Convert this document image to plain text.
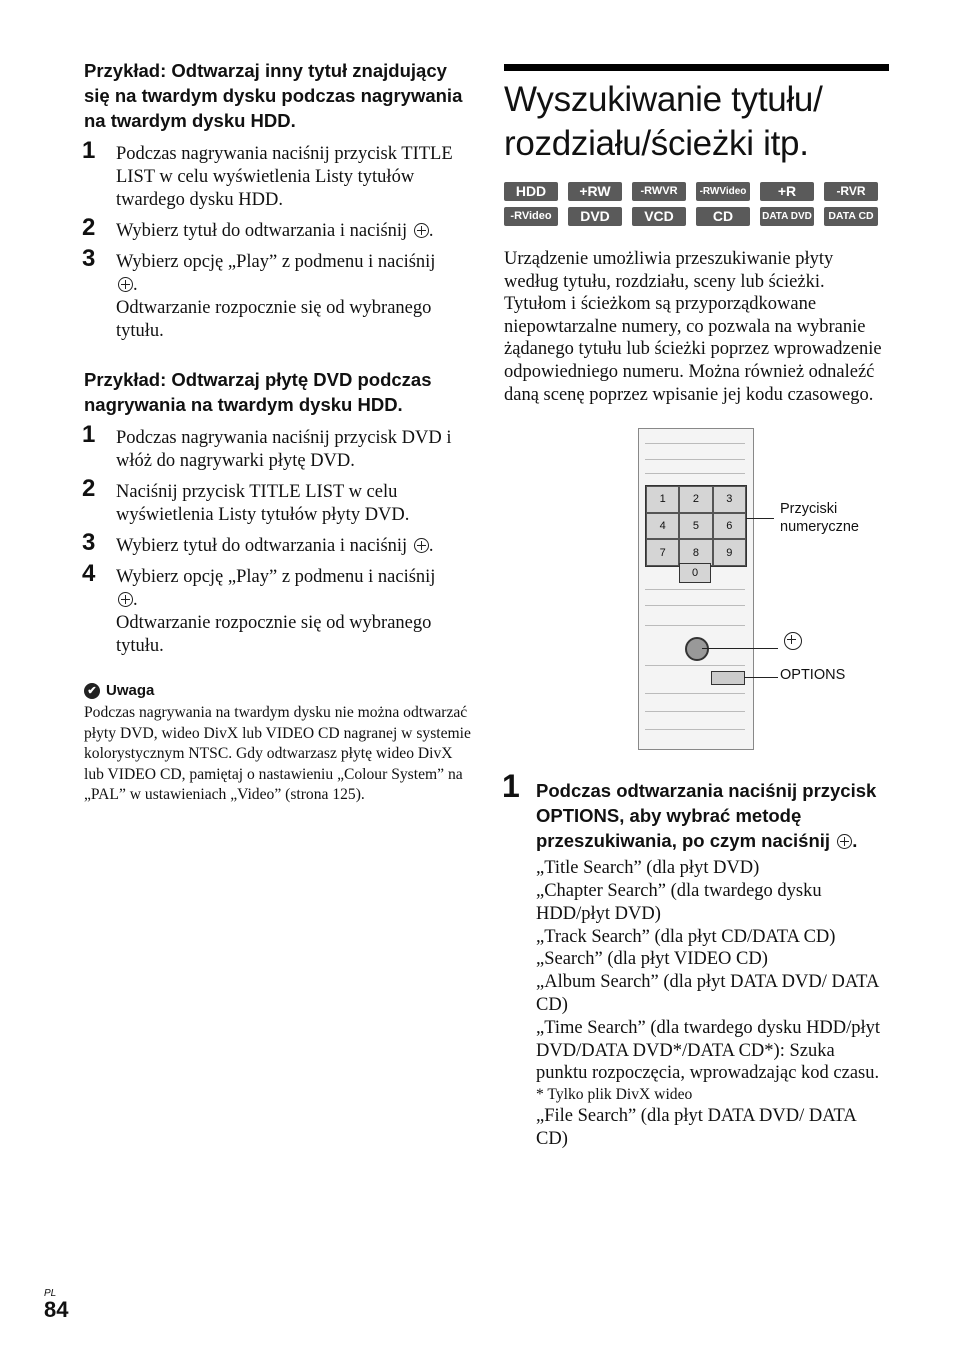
Przykład: Odtwarzaj inny tytuł znajdujący się na twardym dysku podczas nagrywania na twardym dysku HDD.
1 Podczas nagrywania naciśnij przycisk TITLE LIST w celu wyświetlenia Listy tytułów twardego dysku HDD.
2 Wybierz tytuł do odtwarzania i naciśnij .
3 Wybierz opcję „Play” z podmenu i naciśnij
.
Odtwarzanie rozpocznie się od wybranego tytułu.
Przykład: Odtwarzaj płytę DVD podczas nagrywania na twardym dysku HDD.
1 Podczas nagrywania naciśnij przycisk DVD i włóż do nagrywarki płytę DVD.
2 Naciśnij przycisk TITLE LIST w celu wyświetlenia Listy tytułów płyty DVD.
3 Wybierz tytuł do odtwarzania i naciśnij .
4 Wybierz opcję „Play” z podmenu i naciśnij
.
Odtwarzanie rozpocznie się od wybranego tytułu.
✔ Uwaga
Podczas nagrywania na twardym dysku nie można odtwarzać płyty DVD, wideo DivX lub VIDEO CD nagranej w systemie kolorystycznym NTSC. Gdy odtwarzasz płytę wideo DivX lub VIDEO CD, pamiętaj o nastawieniu „Colour System” na „PAL” w ustawieniach „Video” (strona 125).
Wyszukiwanie tytułu/
rozdziału/ścieżki itp.
HDD	+RW	-RWVR	-RWVideo	+R	-RVR
-RVideo	DVD	VCD	CD	DATA DVD	DATA CD
Urządzenie umożliwia przeszukiwanie płyty według tytułu, rozdziału, sceny lub ścieżki. Tytułom i ścieżkom są przyporządkowane niepowtarzalne numery, co pozwala na wybranie żądanego tytułu lub ścieżki poprzez wprowadzenie odpowiedniego numeru. Można również odnaleźć daną scenę poprzez wpisanie jej kodu czasowego.
1	2	3
4	5	6
7	8	9
0
Przyciski numeryczne
OPTIONS
1 Podczas odtwarzania naciśnij przycisk OPTIONS, aby wybrać metodę przeszukiwania, po czym naciśnij .
„Title Search” (dla płyt DVD)
„Chapter Search” (dla twardego dysku HDD/płyt DVD)
„Track Search” (dla płyt CD/DATA CD)
„Search” (dla płyt VIDEO CD)
„Album Search” (dla płyt DATA DVD/ DATA CD)
„Time Search” (dla twardego dysku HDD/płyt DVD/DATA DVD*/DATA CD*): Szuka punktu rozpoczęcia, wprowadzając kod czasu.
* Tylko plik DivX wideo
„File Search” (dla płyt DATA DVD/ DATA CD)
PL
84
